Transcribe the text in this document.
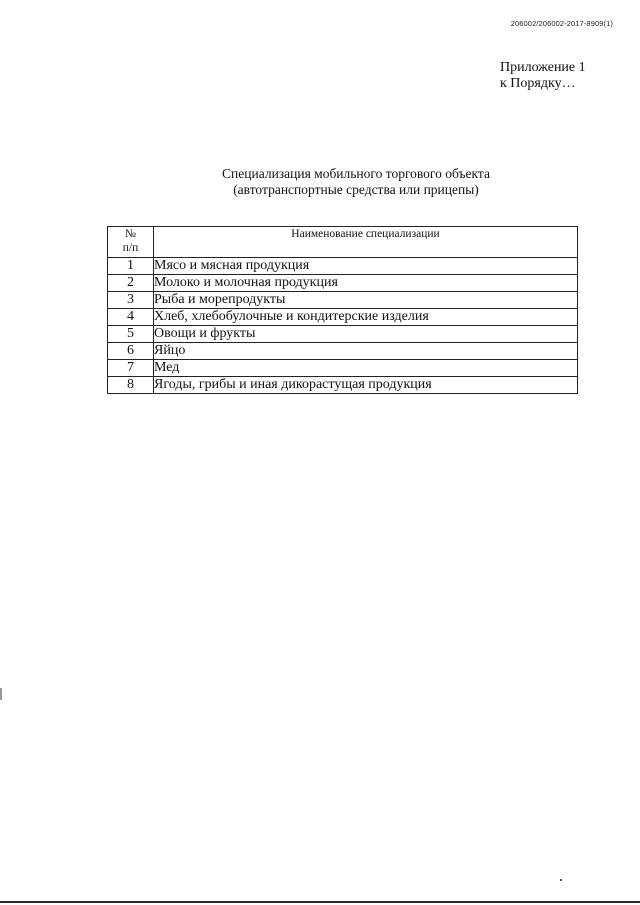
206002/206002-2017-8909(1)
Приложение 1
к Порядку…
Специализация мобильного торгового объекта
(автотранспортные средства или прицепы)
№
п/п	Наименование специализации
1	Мясо и мясная продукция
2	Молоко и молочная продукция
3	Рыба и морепродукты
4	Хлеб, хлебобулочные и кондитерские изделия
5	Овощи и фрукты
6	Яйцо
7	Мед
8	Ягоды, грибы и иная дикорастущая продукция
